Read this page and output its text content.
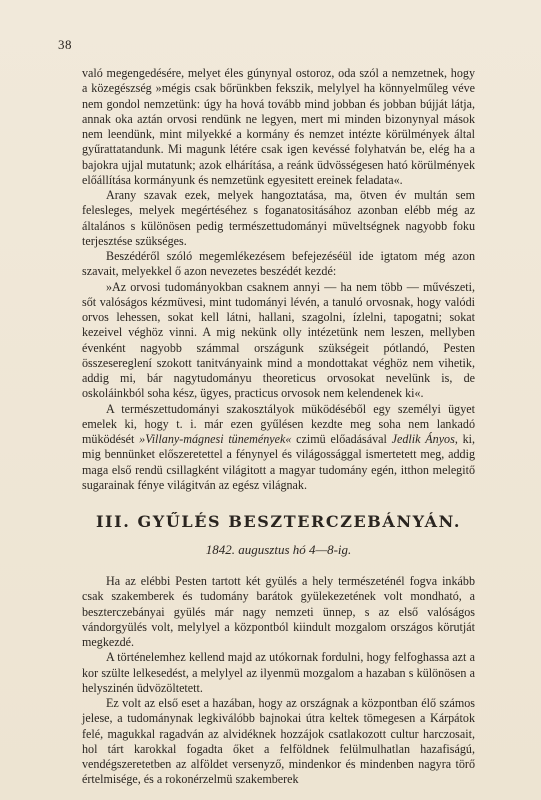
38

való megengedésére, melyet éles gúnynyal ostoroz, oda szól a nemzetnek, hogy a közegészség »mégis csak bőrünkben fekszik, melylyel ha könnyelműleg véve nem gondol nemzetünk: úgy ha hová tovább mind jobban és jobban bújját látja, annak oka aztán orvosi rendünk ne legyen, mert mi minden bizonynyal mások nem leendünk, mint milyekké a kormány és nemzet intézte körülmények által gyűrattatandunk. Mi magunk létére csak igen kevéssé folyhatván be, elég ha a bajokra ujjal mutatunk; azok elhárítása, a reánk üdvösségesen ható körülmények előállítása kormányunk és nemzetünk egyesitett ereinek feladata«.

Arany szavak ezek, melyek hangoztatása, ma, ötven év multán sem felesleges, melyek megértéséhez s foganatositásához azonban elébb még az általános s különösen pedig természettudományi müveltségnek nagyobb foku terjesztése szükséges.

Beszédéről szóló megemlékezésem befejezéséül ide igtatom még azon szavait, melyekkel ő azon nevezetes beszédét kezdé:

»Az orvosi tudományokban csaknem annyi — ha nem több — művészeti, sőt valóságos kézmüvesi, mint tudományi lévén, a tanuló orvosnak, hogy valódi orvos lehessen, sokat kell látni, hallani, szagolni, ízlelni, tapogatni; sokat kezeivel véghöz vinni. A mig nekünk olly intézetünk nem leszen, mellyben évenként nagyobb számmal országunk szükségeit pótlandó, Pesten összesereglení szokott tanitványaink mind a mondottakat véghöz nem vihetik, addig mi, bár nagytudományu theoreticus orvosokat nevelünk is, de oskoláinkból soha kész, ügyes, practicus orvosok nem kelendenek ki«.

A természettudományi szakosztályok müködéséből egy személyi ügyet emelek ki, hogy t. i. már ezen gyűlésen kezdte meg soha nem lankadó müködését »Villany-mágnesi tünemények« czimü előadásával Jedlik Ányos, ki, mig bennünket előszeretettel a fénynyel és világossággal ismertetett meg, addig maga első rendü csillagként világitott a magyar tudomány egén, itthon melegitő sugarainak fénye világitván az egész világnak.

III. GYŰLÉS BESZTERCZEBÁNYÁN.
1842. augusztus hó 4—8-ig.

Ha az elébbi Pesten tartott két gyülés a hely természeténél fogva inkább csak szakemberek és tudomány barátok gyülekezetének volt mondható, a beszterczebányai gyülés már nagy nemzeti ünnep, s az első valóságos vándorgyülés volt, melylyel a központból kiindult mozgalom országos körutját megkezdé.

A történelemhez kellend majd az utókornak fordulni, hogy felfoghassa azt a kor szülte lelkesedést, a melylyel az ilyenmü mozgalom a hazaban s különösen a helyszinén üdvözöltetett.

Ez volt az első eset a hazában, hogy az országnak a központban élő számos jelese, a tudománynak legkiválóbb bajnokai útra keltek tömegesen a Kárpátok felé, magukkal ragadván az alvidéknek hozzájok csatlakozott cultur harczosait, hol tárt karokkal fogadta őket a felföldnek felülmulhatlan hazafiságú, vendégszeretetben az alföldet versenyző, mindenkor és mindenben nagyra törő értelmisége, és a rokonérzelmü szakemberek
